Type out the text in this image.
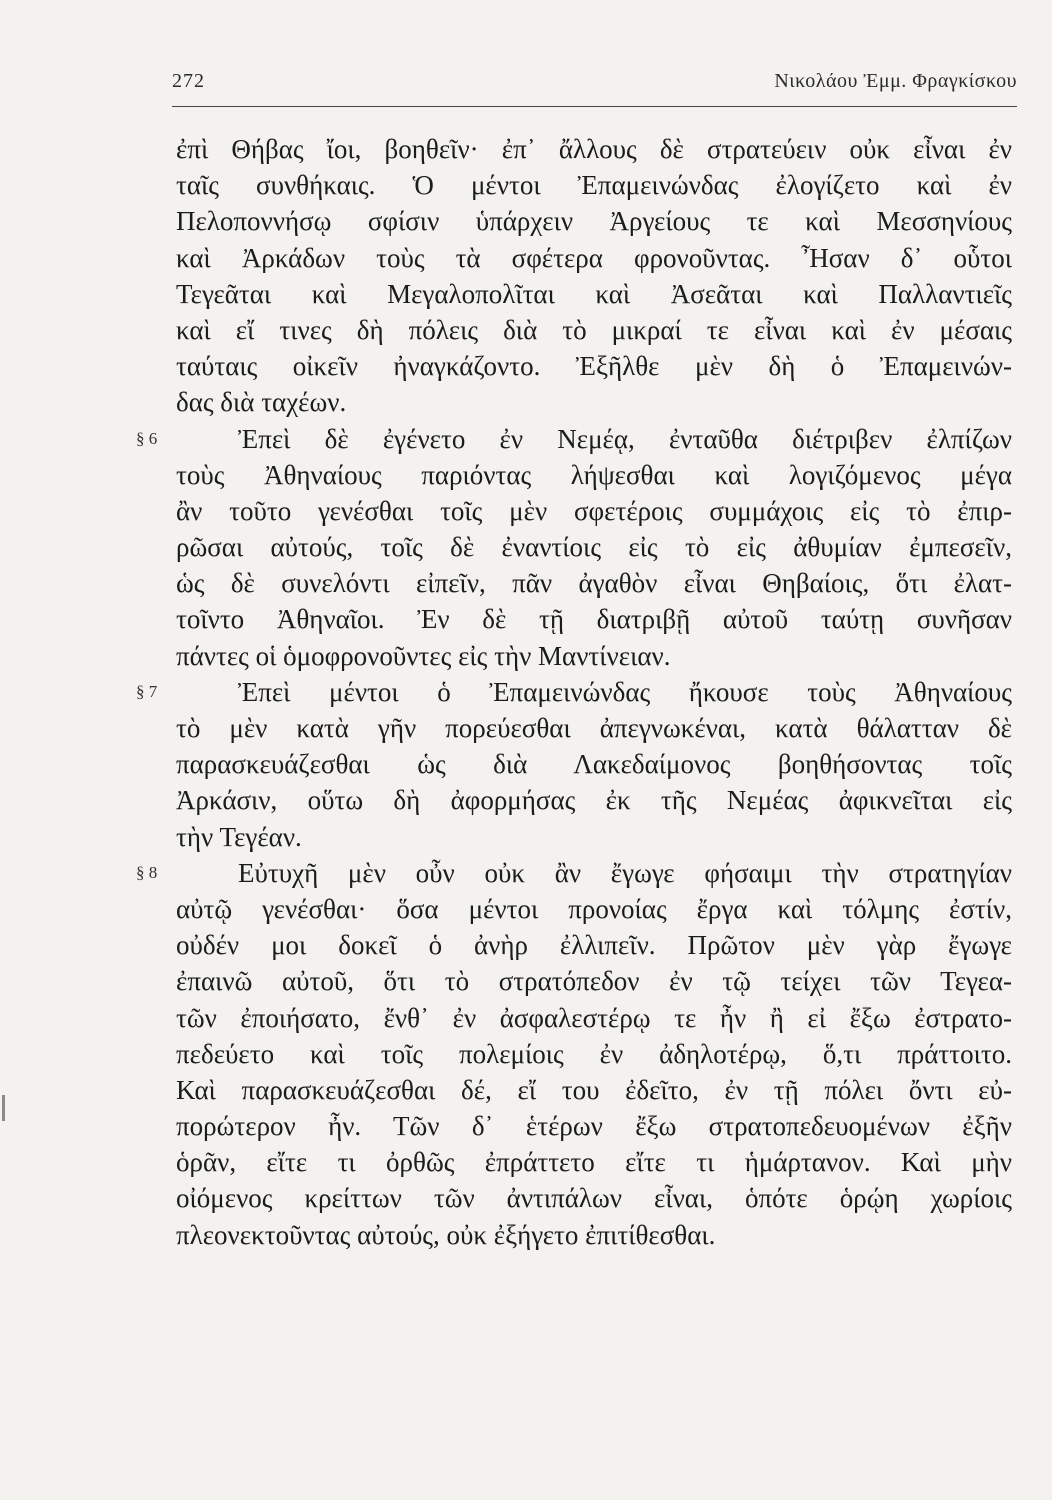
272	Νικολάου Ἐμμ. Φραγκίσκου
ἐπὶ Θήβας ἴοι, βοηθεῖν· ἐπ᾽ ἄλλους δὲ στρατεύειν οὐκ εἶναι ἐν
ταῖς συνθήκαις. Ὁ μέντοι Ἐπαμεινώνδας ἐλογίζετο καὶ ἐν
Πελοποννήσῳ σφίσιν ὑπάρχειν Ἀργείους τε καὶ Μεσσηνίους
καὶ Ἀρκάδων τοὺς τὰ σφέτερα φρονοῦντας. Ἦσαν δ᾽ οὗτοι
Τεγεᾶται καὶ Μεγαλοπολῖται καὶ Ἀσεᾶται καὶ Παλλαντιεῖς
καὶ εἴ τινες δὴ πόλεις διὰ τὸ μικραί τε εἶναι καὶ ἐν μέσαις
ταύταις οἰκεῖν ἠναγκάζοντο. Ἐξῆλθε μὲν δὴ ὁ Ἐπαμεινών-
δας διὰ ταχέων.
§ 6	Ἐπεὶ δὲ ἐγένετο ἐν Νεμέᾳ, ἐνταῦθα διέτριβεν ἐλπίζων
τοὺς Ἀθηναίους παριόντας λήψεσθαι καὶ λογιζόμενος μέγα
ἂν τοῦτο γενέσθαι τοῖς μὲν σφετέροις συμμάχοις εἰς τὸ ἐπιρ-
ρῶσαι αὐτούς, τοῖς δὲ ἐναντίοις εἰς τὸ εἰς ἀθυμίαν ἐμπεσεῖν,
ὡς δὲ συνελόντι εἰπεῖν, πᾶν ἀγαθὸν εἶναι Θηβαίοις, ὅτι ἐλατ-
τοῖντο Ἀθηναῖοι. Ἐν δὲ τῇ διατριβῇ αὐτοῦ ταύτῃ συνῆσαν
πάντες οἱ ὁμοφρονοῦντες εἰς τὴν Μαντίνειαν.
§ 7	Ἐπεὶ μέντοι ὁ Ἐπαμεινώνδας ἤκουσε τοὺς Ἀθηναίους
τὸ μὲν κατὰ γῆν πορεύεσθαι ἀπεγνωκέναι, κατὰ θάλατταν δὲ
παρασκευάζεσθαι ὡς διὰ Λακεδαίμονος βοηθήσοντας τοῖς
Ἀρκάσιν, οὕτω δὴ ἀφορμήσας ἐκ τῆς Νεμέας ἀφικνεῖται εἰς
τὴν Τεγέαν.
§ 8	Εὐτυχῆ μὲν οὖν οὐκ ἂν ἔγωγε φήσαιμι τὴν στρατηγίαν
αὐτῷ γενέσθαι· ὅσα μέντοι προνοίας ἔργα καὶ τόλμης ἐστίν,
οὐδέν μοι δοκεῖ ὁ ἀνὴρ ἐλλιπεῖν. Πρῶτον μὲν γὰρ ἔγωγε
ἐπαινῶ αὐτοῦ, ὅτι τὸ στρατόπεδον ἐν τῷ τείχει τῶν Τεγεα-
τῶν ἐποιήσατο, ἔνθ᾽ ἐν ἀσφαλεστέρῳ τε ἦν ἢ εἰ ἔξω ἐστρατο-
πεδεύετο καὶ τοῖς πολεμίοις ἐν ἀδηλοτέρῳ, ὅ,τι πράττοιτο.
Καὶ παρασκευάζεσθαι δέ, εἴ του ἐδεῖτο, ἐν τῇ πόλει ὄντι εὐ-
πορώτερον ἦν. Τῶν δ᾽ ἑτέρων ἔξω στρατοπεδευομένων ἐξῆν
ὁρᾶν, εἴτε τι ὀρθῶς ἐπράττετο εἴτε τι ἡμάρτανον. Καὶ μὴν
οἰόμενος κρείττων τῶν ἀντιπάλων εἶναι, ὁπότε ὁρῴη χωρίοις
πλεονεκτοῦντας αὐτούς, οὐκ ἐξήγετο ἐπιτίθεσθαι.
